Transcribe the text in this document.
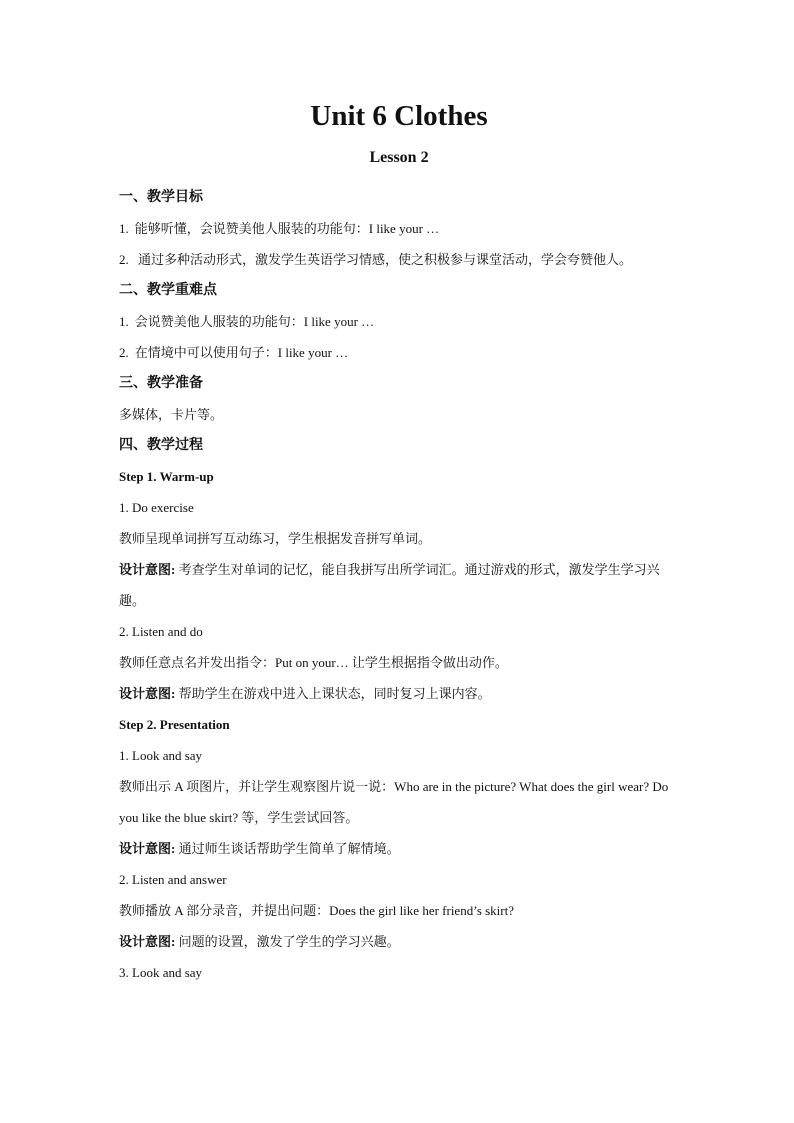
Unit 6 Clothes
Lesson 2

一、教学目标

1. 能够听懂，会说赞美他人服装的功能句：I like your …

2. 通过多种活动形式，激发学生英语学习情感，使之积极参与课堂活动，学会夸赞他人。

二、教学重难点

1. 会说赞美他人服装的功能句：I like your …

2. 在情境中可以使用句子：I like your …

三、教学准备

多媒体，卡片等。

四、教学过程

Step 1. Warm-up

1. Do exercise

教师呈现单词拼写互动练习，学生根据发音拼写单词。

设计意图: 考查学生对单词的记忆，能自我拼写出所学词汇。通过游戏的形式，激发学生学习兴趣。

2. Listen and do

教师任意点名并发出指令：Put on your… 让学生根据指令做出动作。

设计意图: 帮助学生在游戏中进入上课状态，同时复习上课内容。

Step 2. Presentation

1. Look and say

教师出示 A 项图片，并让学生观察图片说一说：Who are in the picture? What does the girl wear? Do you like the blue skirt? 等，学生尝试回答。

设计意图: 通过师生谈话帮助学生简单了解情境。

2. Listen and answer

教师播放 A 部分录音，并提出问题：Does the girl like her friend’s skirt?

设计意图: 问题的设置，激发了学生的学习兴趣。

3. Look and say
